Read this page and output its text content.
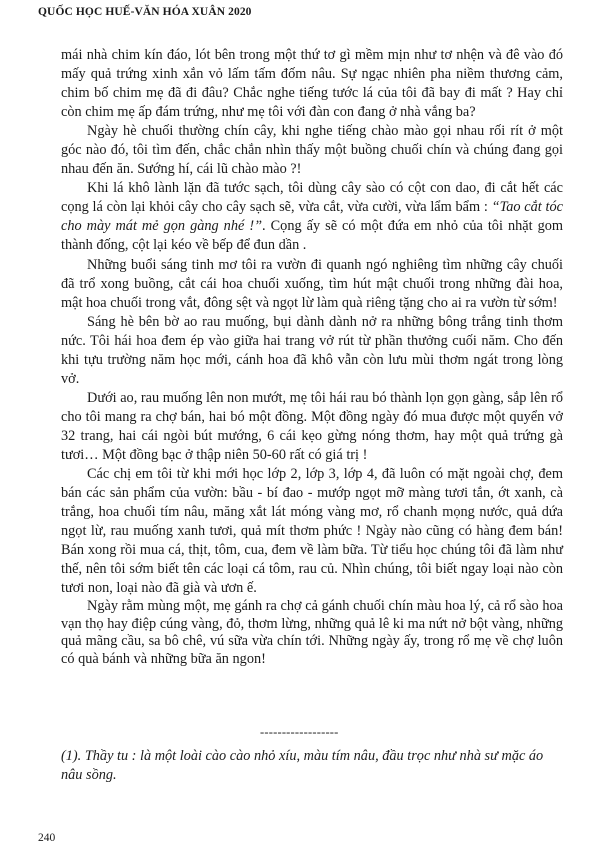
QUỐC HỌC HUẾ-VĂN HÓA XUÂN 2020

mái nhà chim kín đáo, lót bên trong một thứ tơ gì mềm mịn như tơ nhện và đê vào đó mấy quả trứng xinh xắn vỏ lấm tấm đốm nâu. Sự ngạc nhiên pha niềm thương cảm, chim bố chim mẹ đã đi đâu? Chắc nghe tiếng tước lá của tôi đã bay đi mất ? Hay chỉ còn chim mẹ ấp đám trứng, như mẹ tôi với đàn con đang ở nhà vắng ba?

Ngày hè chuối thường chín cây, khi nghe tiếng chào mào gọi nhau rối rít ở một góc nào đó, tôi tìm đến, chắc chắn nhìn thấy một buồng chuối chín và chúng đang gọi nhau đến ăn. Sướng hí, cái lũ chào mào ?!

Khi lá khô lành lặn đã tước sạch, tôi dùng cây sào có cột con dao, đi cắt hết các cọng lá còn lại khỏi cây cho cây sạch sẽ, vừa cắt, vừa cười, vừa lẩm bẩm : “Tao cắt tóc cho mày mát mẻ gọn gàng nhé !”. Cọng ấy sẽ có một đứa em nhỏ của tôi nhặt gom thành đống, cột lại kéo về bếp để đun dần .

Những buổi sáng tinh mơ tôi ra vườn đi quanh ngó nghiêng tìm những cây chuối đã trổ xong buồng, cắt cái hoa chuối xuống, tìm hút mật chuối trong những đài hoa, mật hoa chuối trong vắt, đông sệt và ngọt lừ làm quà riêng tặng cho ai ra vườn từ sớm!

Sáng hè bên bờ ao rau muống, bụi dành dành nở ra những bông trắng tinh thơm nức. Tôi hái hoa đem ép vào giữa hai trang vở rút từ phần thưởng cuối năm. Cho đến khi tựu trường năm học mới, cánh hoa đã khô vẫn còn lưu mùi thơm ngát trong lòng vở.

Dưới ao, rau muống lên non mướt, mẹ tôi hái rau bó thành lọn gọn gàng, sắp lên rổ cho tôi mang ra chợ bán, hai bó một đồng. Một đồng ngày đó mua được một quyển vở 32 trang, hai cái ngòi bút mướng, 6 cái kẹo gừng nóng thơm, hay một quả trứng gà tươi… Một đồng bạc ở thập niên 50-60 rất có giá trị !

Các chị em tôi từ khi mới học lớp 2, lớp 3, lớp 4, đã luôn có mặt ngoài chợ, đem bán các sản phẩm của vườn: bầu - bí đao - mướp ngọt mỡ màng tươi tắn, ớt xanh, cà trắng, hoa chuối tím nâu, măng xắt lát móng vàng mơ, rổ chanh mọng nước, quả dứa ngọt lừ, rau muống xanh tươi, quả mít thơm phức ! Ngày nào cũng có hàng đem bán! Bán xong rồi mua cá, thịt, tôm, cua, đem về làm bữa. Từ tiểu học chúng tôi đã làm như thế, nên tôi sớm biết tên các loại cá tôm, rau củ. Nhìn chúng, tôi biết ngay loại nào còn tươi non, loại nào đã già và ươn ế.

Ngày rằm mùng một, mẹ gánh ra chợ cả gánh chuối chín màu hoa lý, cả rổ sào hoa vạn thọ hay điệp cúng vàng, đỏ, thơm lừng, những quả lê ki ma nứt nở bột vàng, những quả mãng cầu, sa bô chê, vú sữa vừa chín tới. Những ngày ấy, trong rổ mẹ về chợ luôn có quà bánh và những bữa ăn ngon!

------------------
(1). Thầy tu : là một loài cào cào nhỏ xíu, màu tím nâu, đầu trọc như nhà sư mặc áo nâu sồng.
240
